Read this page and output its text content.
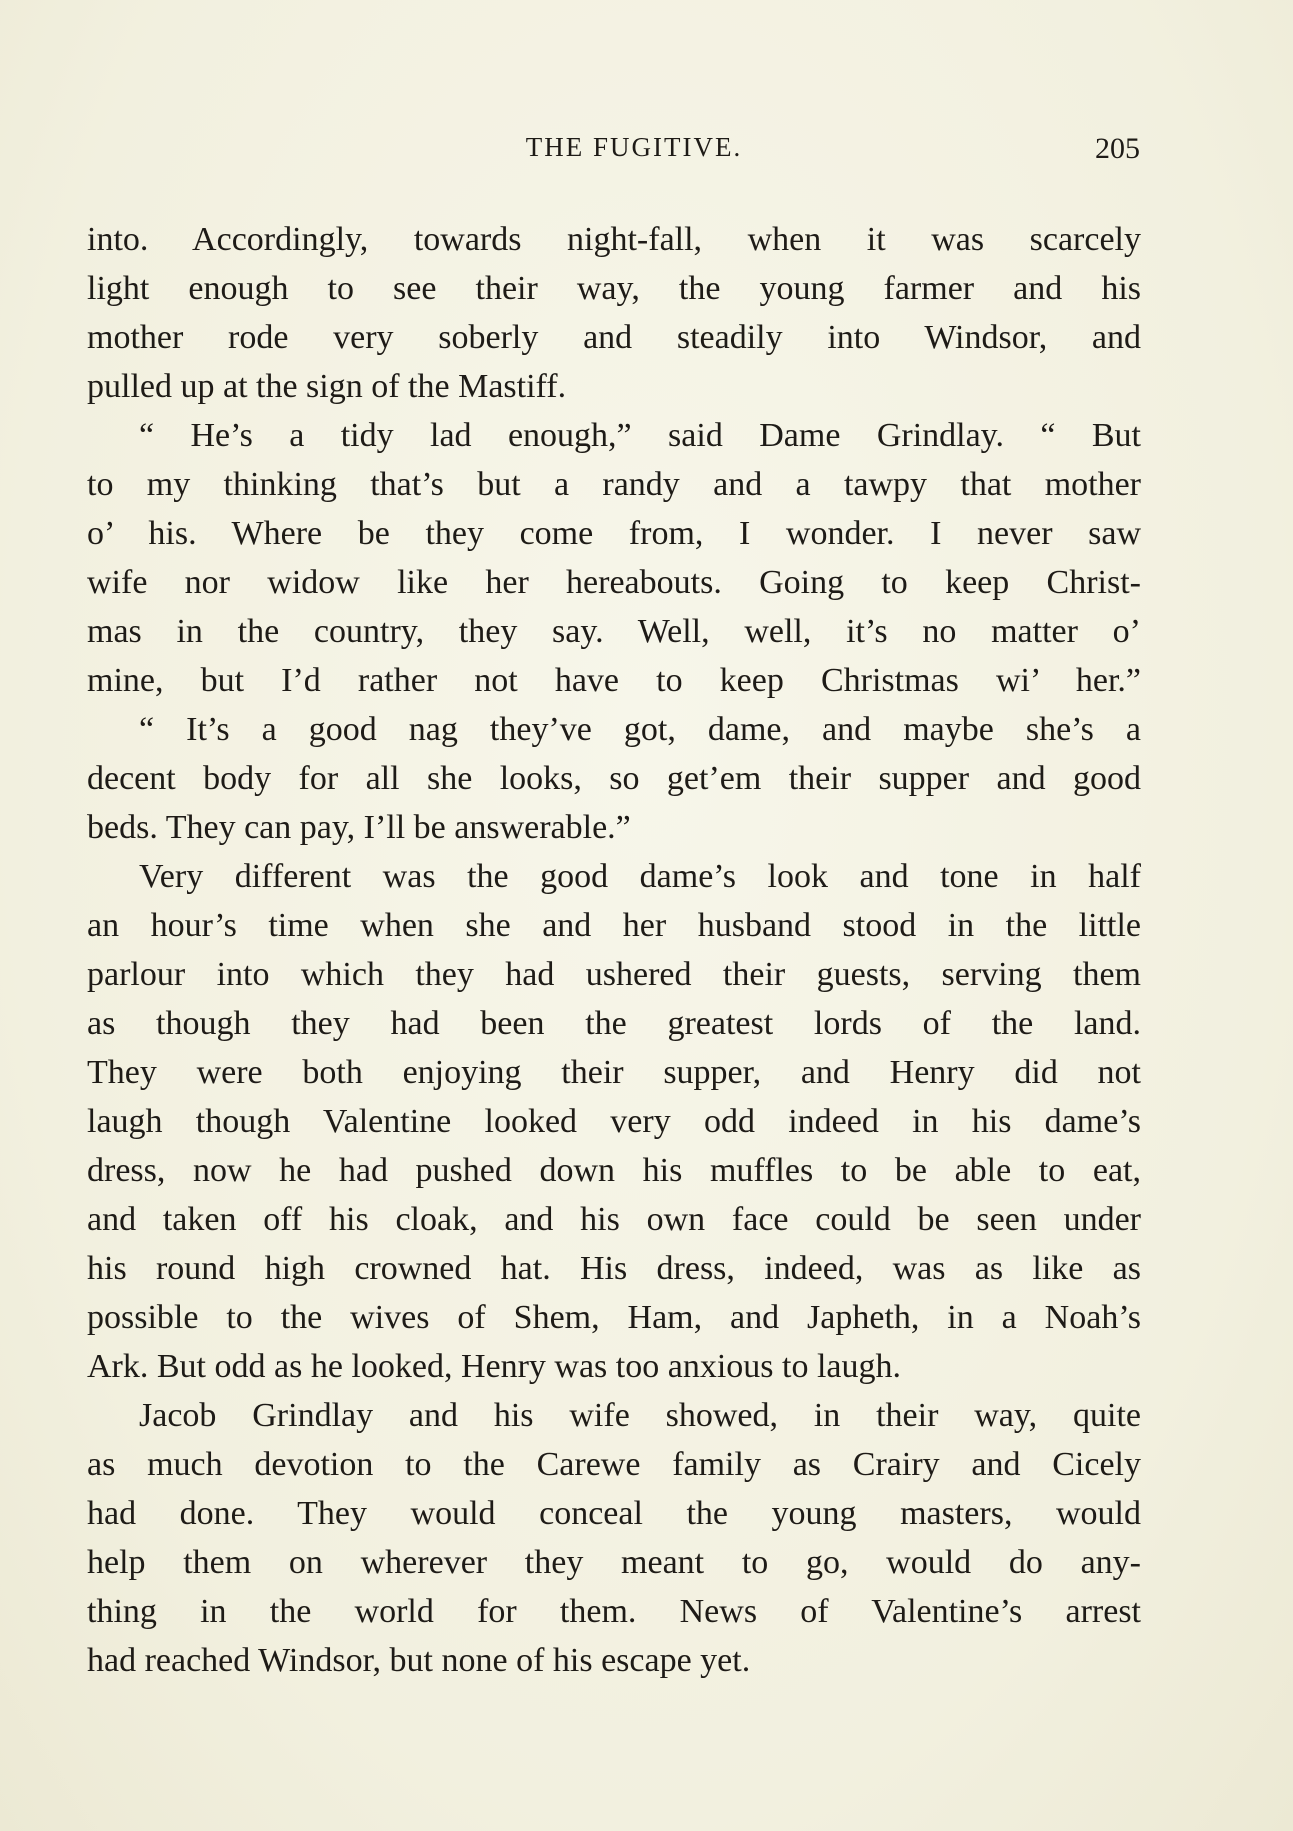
THE FUGITIVE.	205
into. Accordingly, towards night-fall, when it was scarcely
light enough to see their way, the young farmer and his
mother rode very soberly and steadily into Windsor, and
pulled up at the sign of the Mastiff.
“ He’s a tidy lad enough,” said Dame Grindlay. “ But
to my thinking that’s but a randy and a tawpy that mother
o’ his. Where be they come from, I wonder. I never saw
wife nor widow like her hereabouts. Going to keep Christ-
mas in the country, they say. Well, well, it’s no matter o’
mine, but I’d rather not have to keep Christmas wi’ her.”
“ It’s a good nag they’ve got, dame, and maybe she’s a
decent body for all she looks, so get’em their supper and good
beds. They can pay, I’ll be answerable.”
Very different was the good dame’s look and tone in half
an hour’s time when she and her husband stood in the little
parlour into which they had ushered their guests, serving them
as though they had been the greatest lords of the land.
They were both enjoying their supper, and Henry did not
laugh though Valentine looked very odd indeed in his dame’s
dress, now he had pushed down his muffles to be able to eat,
and taken off his cloak, and his own face could be seen under
his round high crowned hat. His dress, indeed, was as like as
possible to the wives of Shem, Ham, and Japheth, in a Noah’s
Ark. But odd as he looked, Henry was too anxious to laugh.
Jacob Grindlay and his wife showed, in their way, quite
as much devotion to the Carewe family as Crairy and Cicely
had done. They would conceal the young masters, would
help them on wherever they meant to go, would do any-
thing in the world for them. News of Valentine’s arrest
had reached Windsor, but none of his escape yet.
